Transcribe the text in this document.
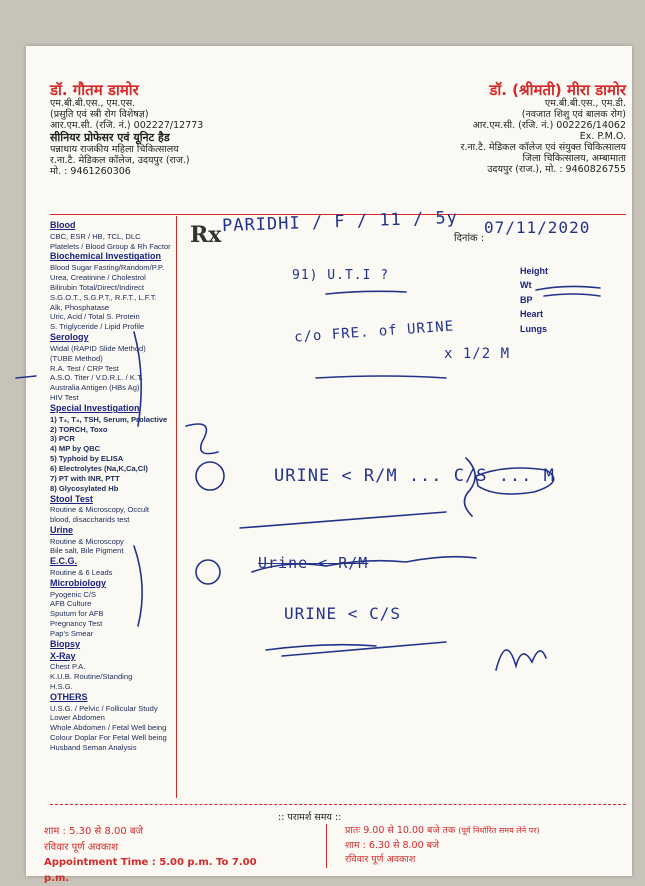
डॉ. गौतम डामोर
एम.बी.बी.एस., एम.एस.
(प्रसुति एवं स्त्री रोग विशेषज्ञ)
आर.एम.सी. (रजि. नं.) 002227/12773
सीनियर प्रोफेसर एवं यूनिट हैड
पन्नाधाय राजकीय महिला चिकित्सालय
र.ना.टै. मेडिकल कॉलेज, उदयपुर (राज.)
मो. : 9461260306
डॉ. (श्रीमती) मीरा डामोर
एम.बी.बी.एस., एम.डी.
(नवजात शिशु एवं बालक रोग)
आर.एम.सी. (रजि. नं.) 002226/14062
Ex. P.M.O.
र.ना.टै. मेडिकल कॉलेज एवं संयुक्त चिकित्सालय
जिला चिकित्सालय, अम्बामाता
उदयपुर (राज.), मो. : 9460826755
Blood
CBC, ESR / HB, TCL, DLC
Platelets / Blood Group & Rh Factor
Biochemical Investigation
Blood Sugar Fasting/Random/P.P.
Urea, Creatinine / Cholestrol
Bilirubin Total/Direct/Indirect
S.G.O.T., S.G.P.T., R.F.T., L.F.T.
Alk, Phosphatase
Uric, Acid / Total S. Protein
S. Triglyceride / Lipid Profile
Serology
Widal (RAPID Slide Method)
(TUBE Method)
R.A. Test / CRP Test
A.S.O. Titer / V.D.R.L. / K.T.
Australia Antigen (HBs Ag)
HIV Test
Special Investigation
1) T₃, T₄, TSH, Serum, Prolactive
2) TORCH, Toxo
3) PCR
4) MP by QBC
5) Typhoid by ELISA
6) Electrolytes (Na,K,Ca,Cl)
7) PT with INR, PTT
8) Glycosylated Hb
Stool Test
Routine & Microscopy, Occult
blood, disaccharids test
Urine
Routine & Microscopy
Bile salt, Bile Pigment
E.C.G.
Routine & 6 Leads
Microbiology
Pyogenic C/S
AFB Culture
Sputum for AFB
Pregnancy Test
Pap's Smear
Biopsy
X-Ray
Chest P.A.
K.U.B. Routine/Standing
H.S.G.
OTHERS
U.S.G. / Pelvic / Follicular Study
Lower Abdomen
Whole Abdomen / Fetal Well being
Colour Doplar For Fetal Well being
Husband Seman Analysis
Rx	दिनांक :
Height
Wt
BP
Heart
Lungs
PARIDHI / F / 11 / 5y 07/11/2020
91) U.T.I ?
c/o FRE. of URINE
x 1/2 M
URINE < R/M ... C/S ... M
Urine < R/M
URINE < C/S
:: परामर्श समय ::
शाम : 5.30 से 8.00 बजे
रविवार पूर्ण अवकाश
Appointment Time : 5.00 p.m. To 7.00 p.m.
प्रातः 9.00 से 10.00 बजे तक (पूर्व निर्धारित समय लेने पर)
शाम : 6.30 से 8.00 बजे
रविवार पूर्ण अवकाश
